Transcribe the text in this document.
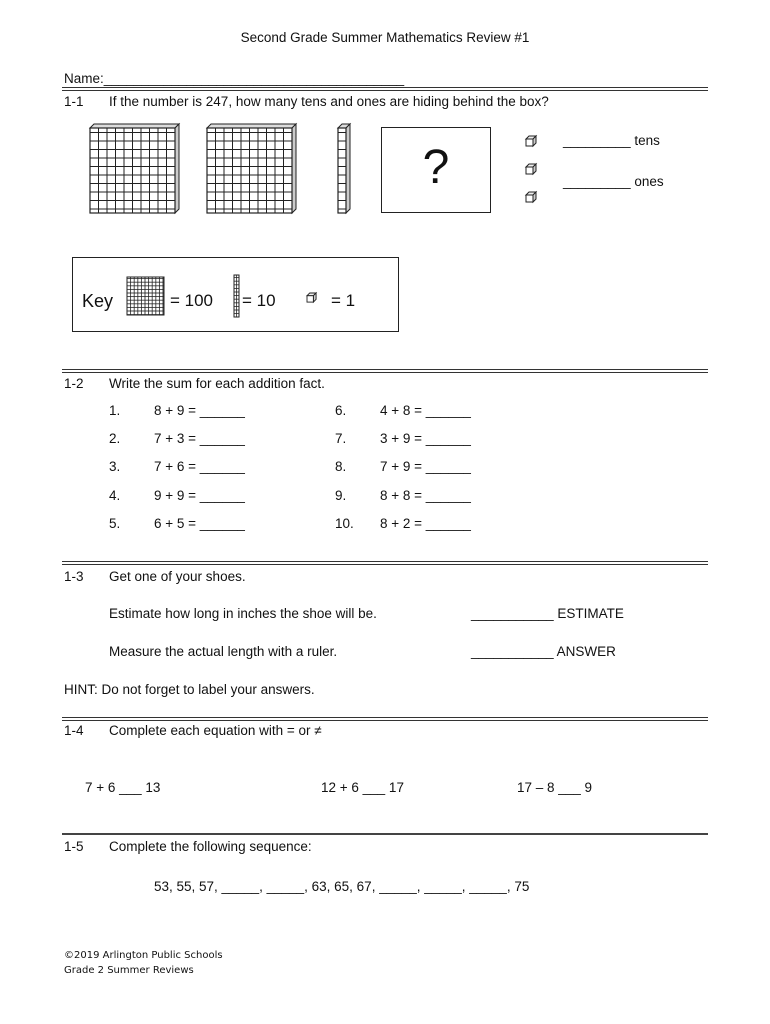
Second Grade Summer Mathematics Review #1
Name:________________________________________
1-1 If the number is 247, how many tens and ones are hiding behind the box?
?
_________ tens
_________ ones
Key	= 100 = 10	= 1
1-2 Write the sum for each addition fact.
1. 8 + 9 = ______
2. 7 + 3 = ______
3. 7 + 6 = ______
4. 9 + 9 = ______
5. 6 + 5 = ______
6. 4 + 8 = ______
7. 3 + 9 = ______
8. 7 + 9 = ______
9. 8 + 8 = ______
10. 8 + 2 = ______
1-3 Get one of your shoes.
Estimate how long in inches the shoe will be.	___________ ESTIMATE
Measure the actual length with a ruler.	___________ ANSWER
HINT: Do not forget to label your answers.
1-4 Complete each equation with = or ≠
7 + 6 ___ 13	12 + 6 ___ 17	17 – 8 ___ 9
1-5 Complete the following sequence:
53, 55, 57, _____, _____, 63, 65, 67, _____, _____, _____, 75
©2019 Arlington Public Schools
Grade 2 Summer Reviews
